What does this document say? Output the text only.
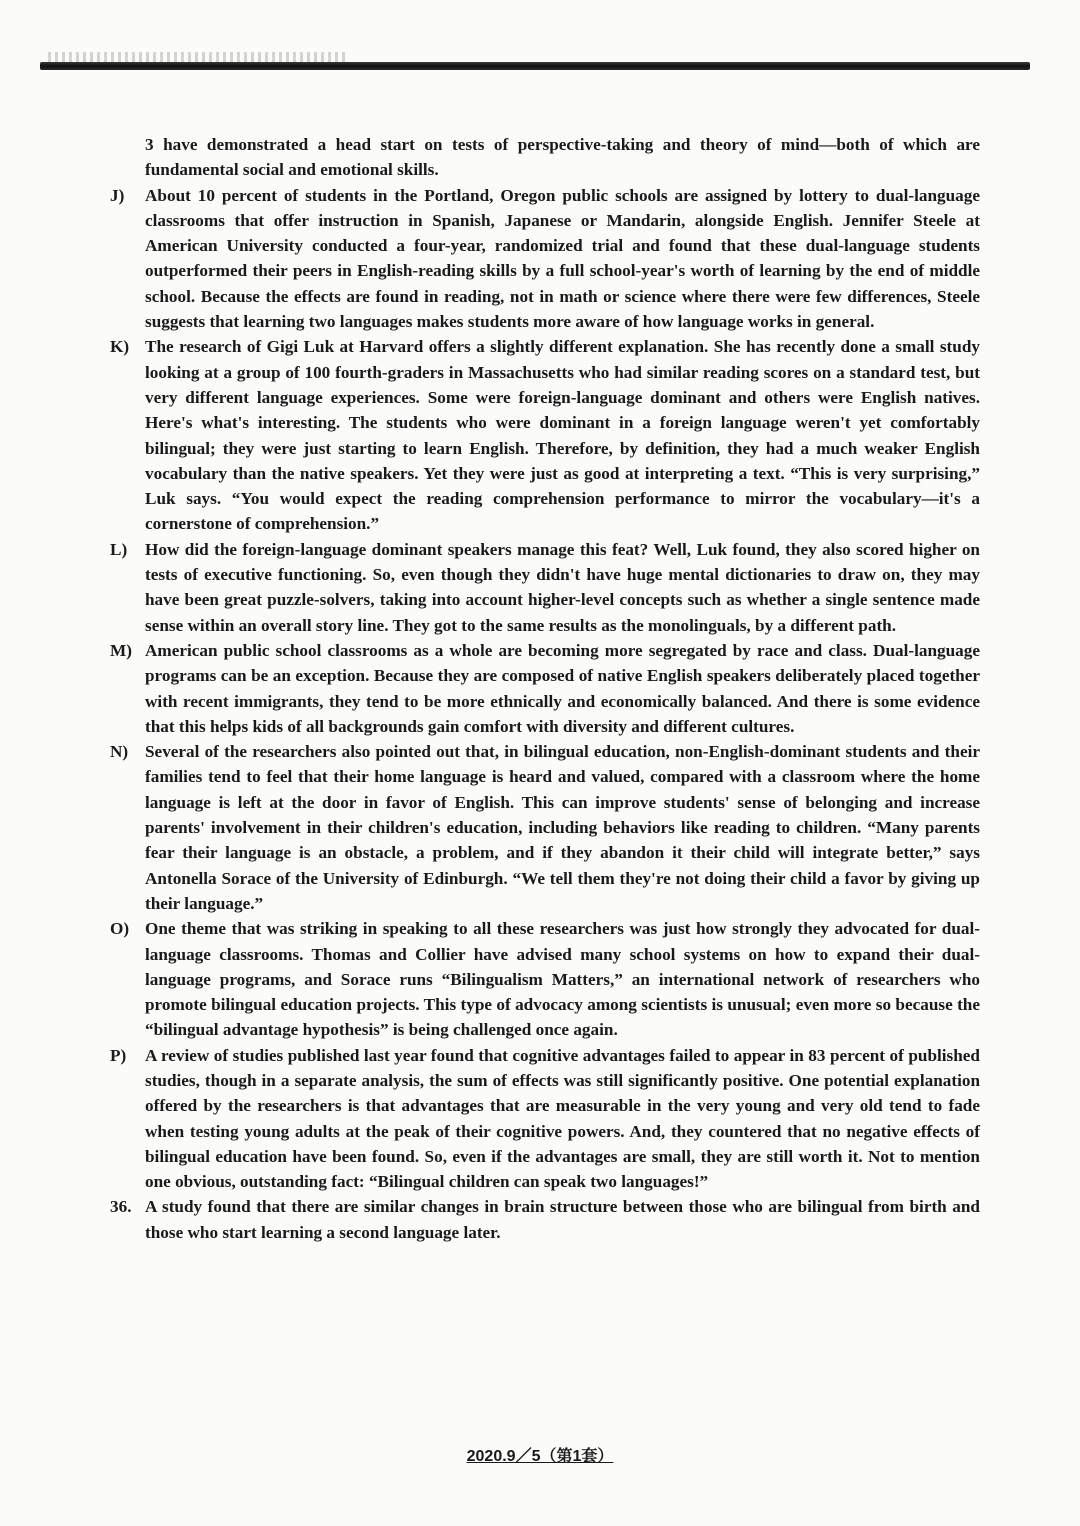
3 have demonstrated a head start on tests of perspective-taking and theory of mind—both of which are fundamental social and emotional skills.
J)	About 10 percent of students in the Portland, Oregon public schools are assigned by lottery to dual-language classrooms that offer instruction in Spanish, Japanese or Mandarin, alongside English. Jennifer Steele at American University conducted a four-year, randomized trial and found that these dual-language students outperformed their peers in English-reading skills by a full school-year's worth of learning by the end of middle school. Because the effects are found in reading, not in math or science where there were few differences, Steele suggests that learning two languages makes students more aware of how language works in general.
K) The research of Gigi Luk at Harvard offers a slightly different explanation. She has recently done a small study looking at a group of 100 fourth-graders in Massachusetts who had similar reading scores on a standard test, but very different language experiences. Some were foreign-language dominant and others were English natives. Here's what's interesting. The students who were dominant in a foreign language weren't yet comfortably bilingual; they were just starting to learn English. Therefore, by definition, they had a much weaker English vocabulary than the native speakers. Yet they were just as good at interpreting a text. “This is very surprising,” Luk says. “You would expect the reading comprehension performance to mirror the vocabulary—it's a cornerstone of comprehension.”
L)	How did the foreign-language dominant speakers manage this feat? Well, Luk found, they also scored higher on tests of executive functioning. So, even though they didn't have huge mental dictionaries to draw on, they may have been great puzzle-solvers, taking into account higher-level concepts such as whether a single sentence made sense within an overall story line. They got to the same results as the monolinguals, by a different path.
M) American public school classrooms as a whole are becoming more segregated by race and class. Dual-language programs can be an exception. Because they are composed of native English speakers deliberately placed together with recent immigrants, they tend to be more ethnically and economically balanced. And there is some evidence that this helps kids of all backgrounds gain comfort with diversity and different cultures.
N) Several of the researchers also pointed out that, in bilingual education, non-English-dominant students and their families tend to feel that their home language is heard and valued, compared with a classroom where the home language is left at the door in favor of English. This can improve students' sense of belonging and increase parents' involvement in their children's education, including behaviors like reading to children. “Many parents fear their language is an obstacle, a problem, and if they abandon it their child will integrate better,” says Antonella Sorace of the University of Edinburgh. “We tell them they're not doing their child a favor by giving up their language.”
O) One theme that was striking in speaking to all these researchers was just how strongly they advocated for dual-language classrooms. Thomas and Collier have advised many school systems on how to expand their dual-language programs, and Sorace runs “Bilingualism Matters,” an international network of researchers who promote bilingual education projects. This type of advocacy among scientists is unusual; even more so because the “bilingual advantage hypothesis” is being challenged once again.
P)	A review of studies published last year found that cognitive advantages failed to appear in 83 percent of published studies, though in a separate analysis, the sum of effects was still significantly positive. One potential explanation offered by the researchers is that advantages that are measurable in the very young and very old tend to fade when testing young adults at the peak of their cognitive powers. And, they countered that no negative effects of bilingual education have been found. So, even if the advantages are small, they are still worth it. Not to mention one obvious, outstanding fact: “Bilingual children can speak two languages!”
36. A study found that there are similar changes in brain structure between those who are bilingual from birth and those who start learning a second language later.
2020.9／5（第1套）
